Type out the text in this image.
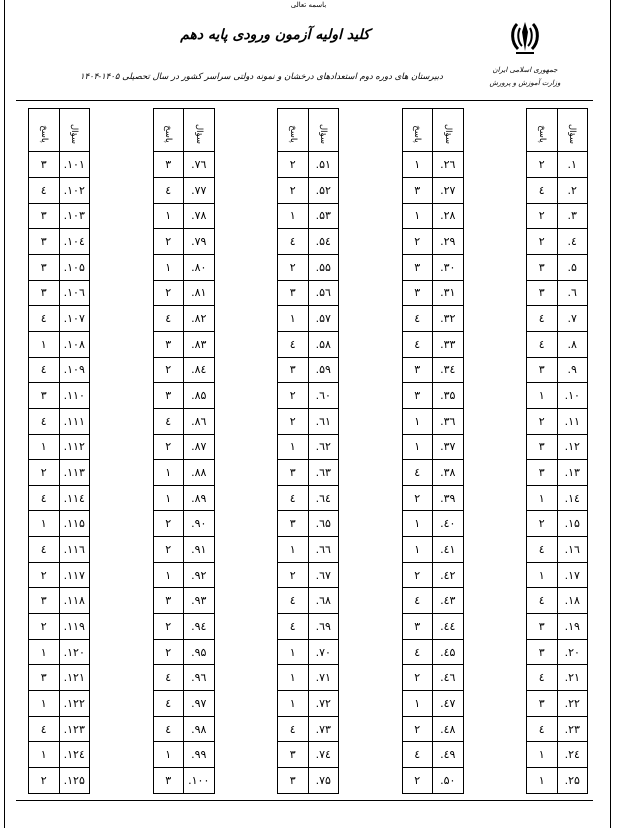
باسمه تعالی
کلید اولیه آزمون ورودی پایه دهم
دبیرستان های دوره دوم استعدادهای درخشان و نمونه دولتی سراسر کشور در سال تحصیلی ۱۴۰۵-۱۴۰۴
جمهوری اسلامی ایران
وزارت آموزش و پرورش
پاسخ	سؤال
۲	.۱
٤	.۲
۲	.۳
۲	.٤
۳	.۵
۳	.٦
٤	.۷
٤	.۸
۳	.۹
۱	.۱۰
۲	.۱۱
۳	.۱۲
۳	.۱۳
۱	.۱٤
۲	.۱۵
٤	.۱٦
۱	.۱۷
٤	.۱۸
۳	.۱۹
۳	.۲۰
٤	.۲۱
۳	.۲۲
٤	.۲۳
۱	.۲٤
۱	.۲۵
پاسخ	سؤال
۱	.۲٦
۳	.۲۷
۱	.۲۸
۲	.۲۹
۳	.۳۰
۳	.۳۱
٤	.۳۲
٤	.۳۳
۳	.۳٤
۳	.۳۵
۱	.۳٦
۱	.۳۷
٤	.۳۸
۲	.۳۹
۱	.٤۰
۱	.٤۱
۲	.٤۲
٤	.٤۳
۳	.٤٤
٤	.٤۵
۲	.٤٦
۱	.٤۷
۲	.٤۸
٤	.٤۹
۲	.۵۰
پاسخ	سؤال
۲	.۵۱
۲	.۵۲
۱	.۵۳
٤	.۵٤
۲	.۵۵
۳	.۵٦
۱	.۵۷
٤	.۵۸
۳	.۵۹
۲	.٦۰
۲	.٦۱
۱	.٦۲
۳	.٦۳
٤	.٦٤
۳	.٦۵
۱	.٦٦
۲	.٦۷
٤	.٦۸
٤	.٦۹
۱	.۷۰
۱	.۷۱
۱	.۷۲
٤	.۷۳
۳	.۷٤
۳	.۷۵
پاسخ	سؤال
۳	.۷٦
٤	.۷۷
۱	.۷۸
۲	.۷۹
۱	.۸۰
۲	.۸۱
٤	.۸۲
۳	.۸۳
۲	.۸٤
۳	.۸۵
٤	.۸٦
۲	.۸۷
۱	.۸۸
۱	.۸۹
۲	.۹۰
۲	.۹۱
۱	.۹۲
۳	.۹۳
۲	.۹٤
۲	.۹۵
٤	.۹٦
٤	.۹۷
٤	.۹۸
۱	.۹۹
۳	.۱۰۰
پاسخ	سؤال
۳	.۱۰۱
٤	.۱۰۲
۳	.۱۰۳
۳	.۱۰٤
۳	.۱۰۵
۳	.۱۰٦
٤	.۱۰۷
۱	.۱۰۸
٤	.۱۰۹
۳	.۱۱۰
٤	.۱۱۱
۱	.۱۱۲
۲	.۱۱۳
٤	.۱۱٤
۱	.۱۱۵
٤	.۱۱٦
۲	.۱۱۷
۳	.۱۱۸
۲	.۱۱۹
۱	.۱۲۰
۳	.۱۲۱
۱	.۱۲۲
٤	.۱۲۳
۱	.۱۲٤
۲	.۱۲۵
